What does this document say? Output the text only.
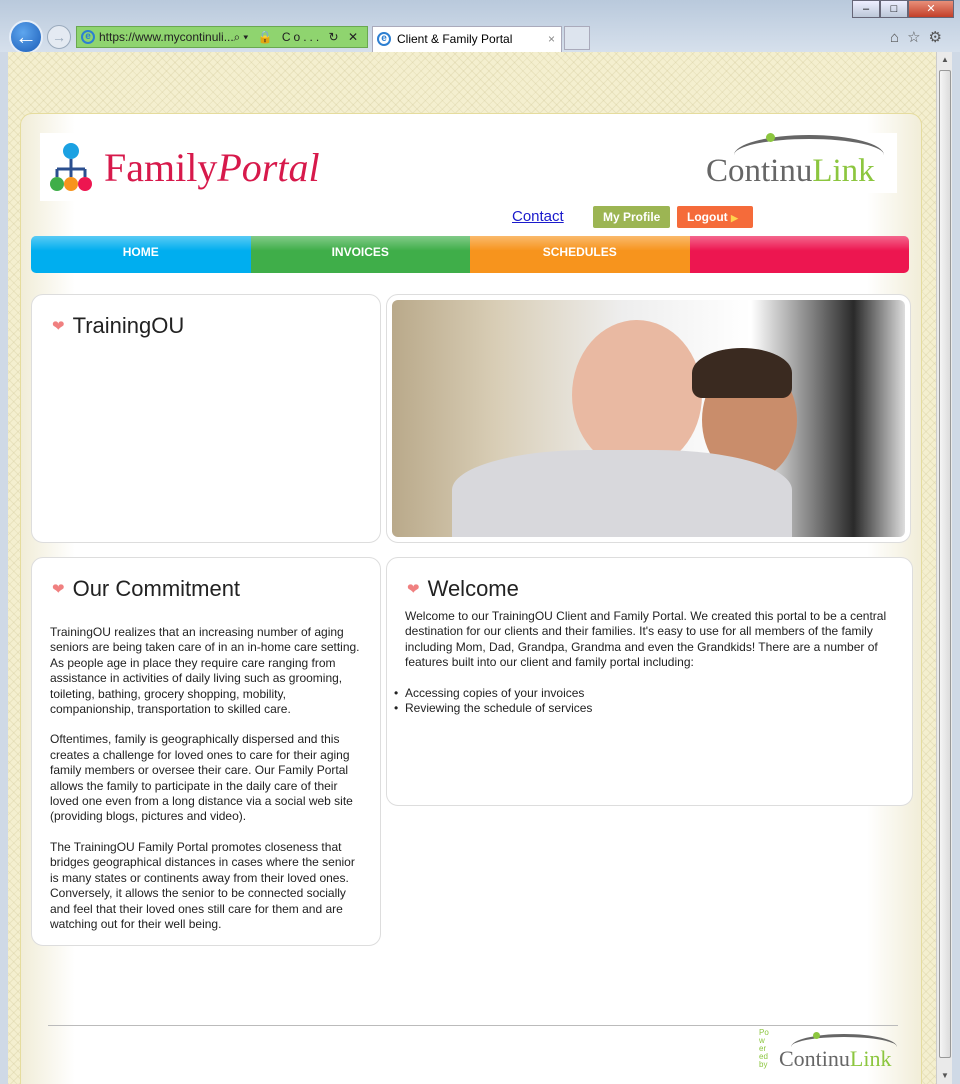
←	→	e https://www.mycontinuli... ⌕▾ 🔒 Co... ↻ ✕	e Client & Family Portal	×
–	□	✕
⌂☆⚙
FamilyPortal	ContinuLink
Contact	My Profile	Logout ▶
HOME	INVOICES	SCHEDULES
❤ TrainingOU
❤ Our Commitment

TrainingOU realizes that an increasing number of aging seniors are being taken care of in an in-home care setting. As people age in place they require care ranging from assistance in activities of daily living such as grooming, toileting, bathing, grocery shopping, mobility, companionship, transportation to skilled care.

Oftentimes, family is geographically dispersed and this creates a challenge for loved ones to care for their aging family members or oversee their care. Our Family Portal allows the family to participate in the daily care of their loved one even from a long distance via a social web site (providing blogs, pictures and video).

The TrainingOU Family Portal promotes closeness that bridges geographical distances in cases where the senior is many states or continents away from their loved ones. Conversely, it allows the senior to be connected socially and feel that their loved ones still care for them and are watching out for their well being.

❤ Welcome

Welcome to our TrainingOU Client and Family Portal. We created this portal to be a central destination for our clients and their families. It's easy to use for all members of the family including Mom, Dad, Grandpa, Grandma and even the Grandkids! There are a number of features built into our client and family portal including:

• Accessing copies of your invoices
• Reviewing the schedule of services
Powered by ContinuLink
▲
▼
